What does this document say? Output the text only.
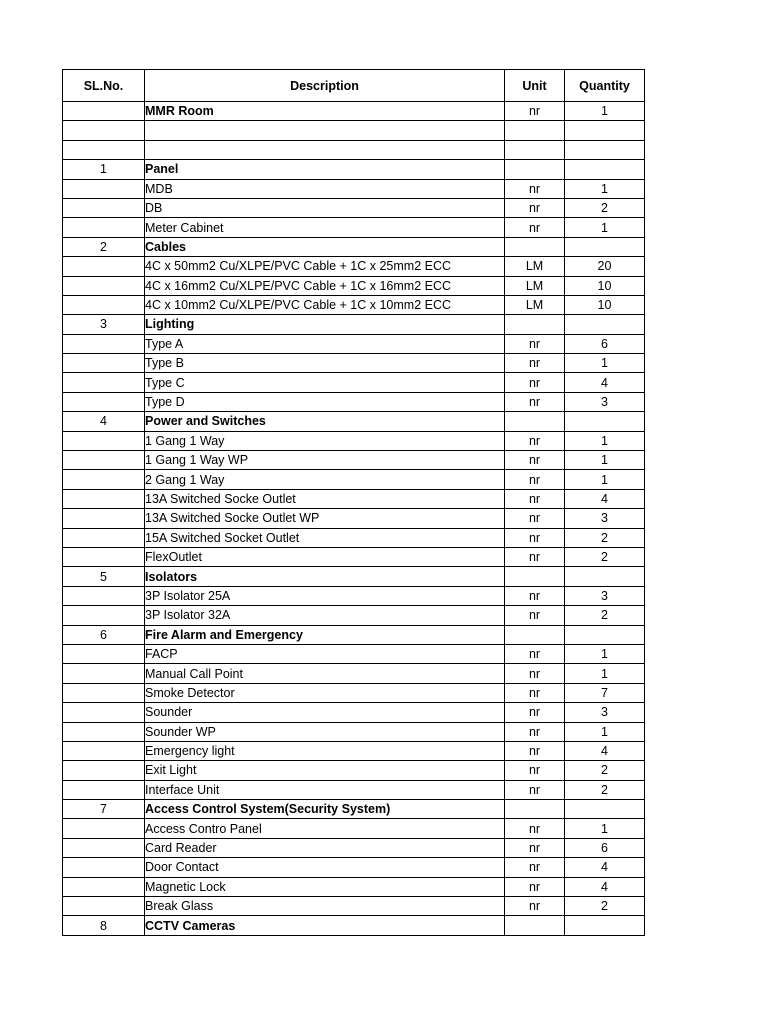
SL.No.	Description	Unit	Quantity
	MMR Room	nr	1

1	Panel		
	MDB	nr	1
	DB	nr	2
	Meter Cabinet	nr	1
2	Cables		
	4C x 50mm2 Cu/XLPE/PVC Cable + 1C x 25mm2 ECC	LM	20
	4C x 16mm2 Cu/XLPE/PVC Cable + 1C x 16mm2 ECC	LM	10
	4C x 10mm2 Cu/XLPE/PVC Cable + 1C x 10mm2 ECC	LM	10
3	Lighting		
	Type A	nr	6
	Type B	nr	1
	Type C	nr	4
	Type D	nr	3
4	Power and Switches		
	1 Gang 1 Way	nr	1
	1 Gang 1 Way WP	nr	1
	2 Gang 1 Way	nr	1
	13A Switched Socke Outlet	nr	4
	13A Switched Socke Outlet WP	nr	3
	15A Switched Socket Outlet	nr	2
	FlexOutlet	nr	2
5	Isolators		
	3P Isolator 25A	nr	3
	3P Isolator 32A	nr	2
6	Fire Alarm and Emergency		
	FACP	nr	1
	Manual Call Point	nr	1
	Smoke Detector	nr	7
	Sounder	nr	3
	Sounder WP	nr	1
	Emergency light	nr	4
	Exit Light	nr	2
	Interface Unit	nr	2
7	Access Control System(Security System)		
	Access Contro Panel	nr	1
	Card Reader	nr	6
	Door Contact	nr	4
	Magnetic Lock	nr	4
	Break Glass	nr	2
8	CCTV Cameras		
